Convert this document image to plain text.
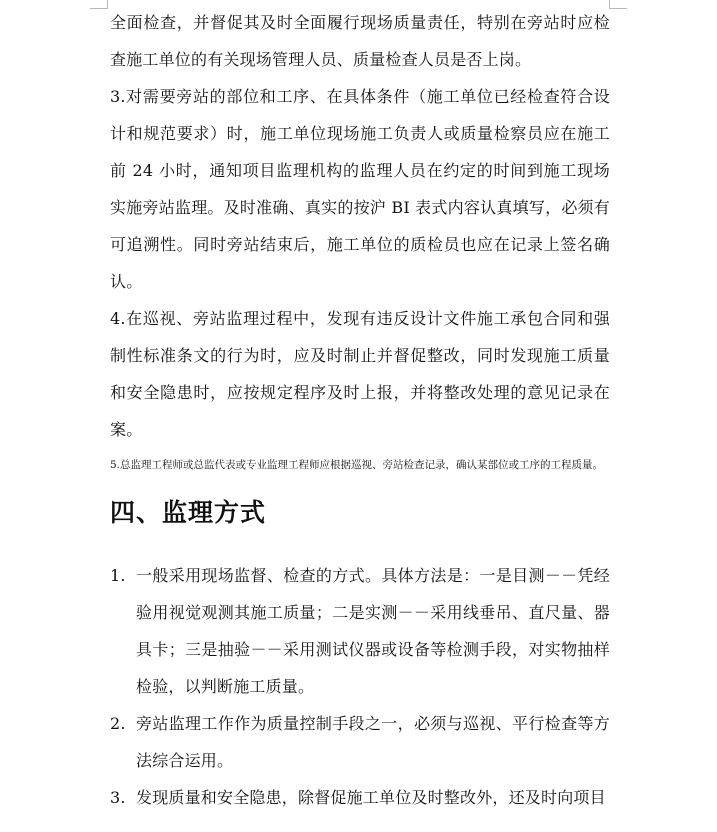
全面检查，并督促其及时全面履行现场质量责任，特别在旁站时应检查施工单位的有关现场管理人员、质量检查人员是否上岗。

3.对需要旁站的部位和工序、在具体条件（施工单位已经检查符合设计和规范要求）时，施工单位现场施工负责人或质量检察员应在施工前 24 小时，通知项目监理机构的监理人员在约定的时间到施工现场实施旁站监理。及时准确、真实的按沪 BI 表式内容认真填写，必须有可追溯性。同时旁站结束后，施工单位的质检员也应在记录上签名确认。

4.在巡视、旁站监理过程中，发现有违反设计文件施工承包合同和强制性标准条文的行为时，应及时制止并督促整改，同时发现施工质量和安全隐患时，应按规定程序及时上报，并将整改处理的意见记录在案。

5.总监理工程师或总监代表或专业监理工程师应根据巡视、旁站检查记录，确认某部位或工序的工程质量。

四、监理方式
1. 一般采用现场监督、检查的方式。具体方法是：一是目测－－凭经验用视觉观测其施工质量；二是实测－－采用线垂吊、直尺量、器具卡；三是抽验－－采用测试仪器或设备等检测手段，对实物抽样检验，以判断施工质量。
2. 旁站监理工作作为质量控制手段之一，必须与巡视、平行检查等方法综合运用。
3. 发现质量和安全隐患，除督促施工单位及时整改外，还及时向项目
